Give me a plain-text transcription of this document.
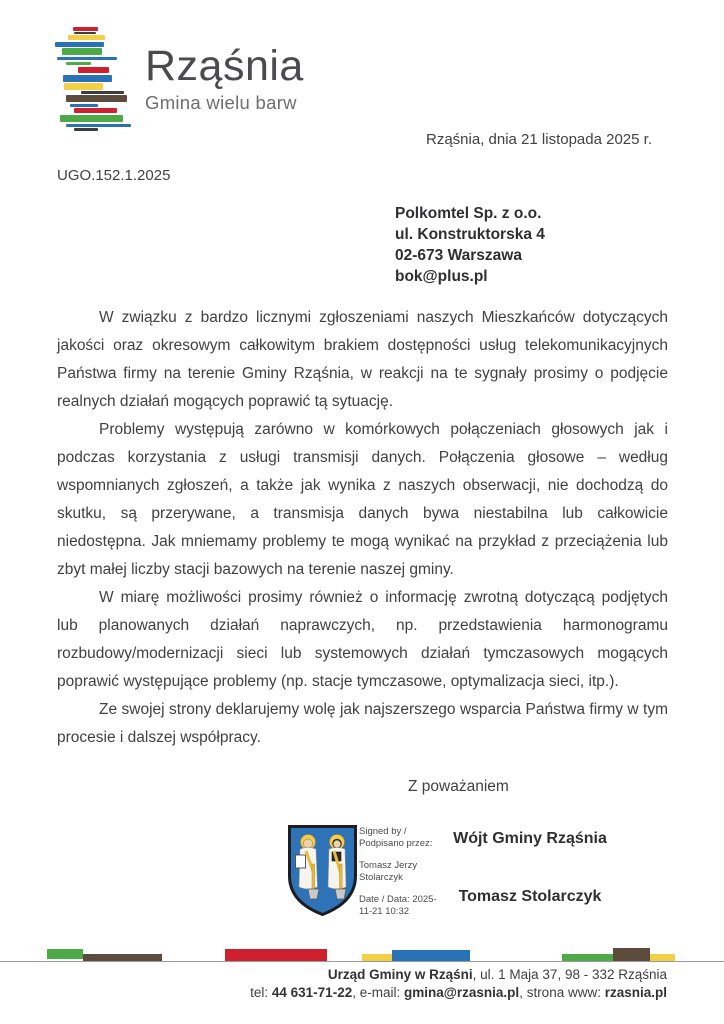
Rząśnia
Gmina wielu barw
Rząśnia, dnia 21 listopada 2025 r.
UGO.152.1.2025
Polkomtel Sp. z o.o.
ul. Konstruktorska 4
02-673 Warszawa
bok@plus.pl

W związku z bardzo licznymi zgłoszeniami naszych Mieszkańców dotyczących jakości oraz okresowym całkowitym brakiem dostępności usług telekomunikacyjnych Państwa firmy na terenie Gminy Rząśnia, w reakcji na te sygnały prosimy o podjęcie realnych działań mogących poprawić tą sytuację.

Problemy występują zarówno w komórkowych połączeniach głosowych jak i podczas korzystania z usługi transmisji danych. Połączenia głosowe – według wspomnianych zgłoszeń, a także jak wynika z naszych obserwacji, nie dochodzą do skutku, są przerywane, a transmisja danych bywa niestabilna lub całkowicie niedostępna. Jak mniemamy problemy te mogą wynikać na przykład z przeciążenia lub zbyt małej liczby stacji bazowych na terenie naszej gminy.

W miarę możliwości prosimy również o informację zwrotną dotyczącą podjętych lub planowanych działań naprawczych, np. przedstawienia harmonogramu rozbudowy/modernizacji sieci lub systemowych działań tymczasowych mogących poprawić występujące problemy (np. stacje tymczasowe, optymalizacja sieci, itp.).

Ze swojej strony deklarujemy wolę jak najszerszego wsparcia Państwa firmy w tym procesie i dalszej współpracy.

Z poważaniem
Signed by /
Podpisano przez:
Tomasz Jerzy
Stolarczyk
Date / Data: 2025-
11-21 10:32
Wójt Gminy Rząśnia
Tomasz Stolarczyk
Urząd Gminy w Rząśni, ul. 1 Maja 37, 98 - 332 Rząśnia
tel: 44 631-71-22, e-mail: gmina@rzasnia.pl, strona www: rzasnia.pl
